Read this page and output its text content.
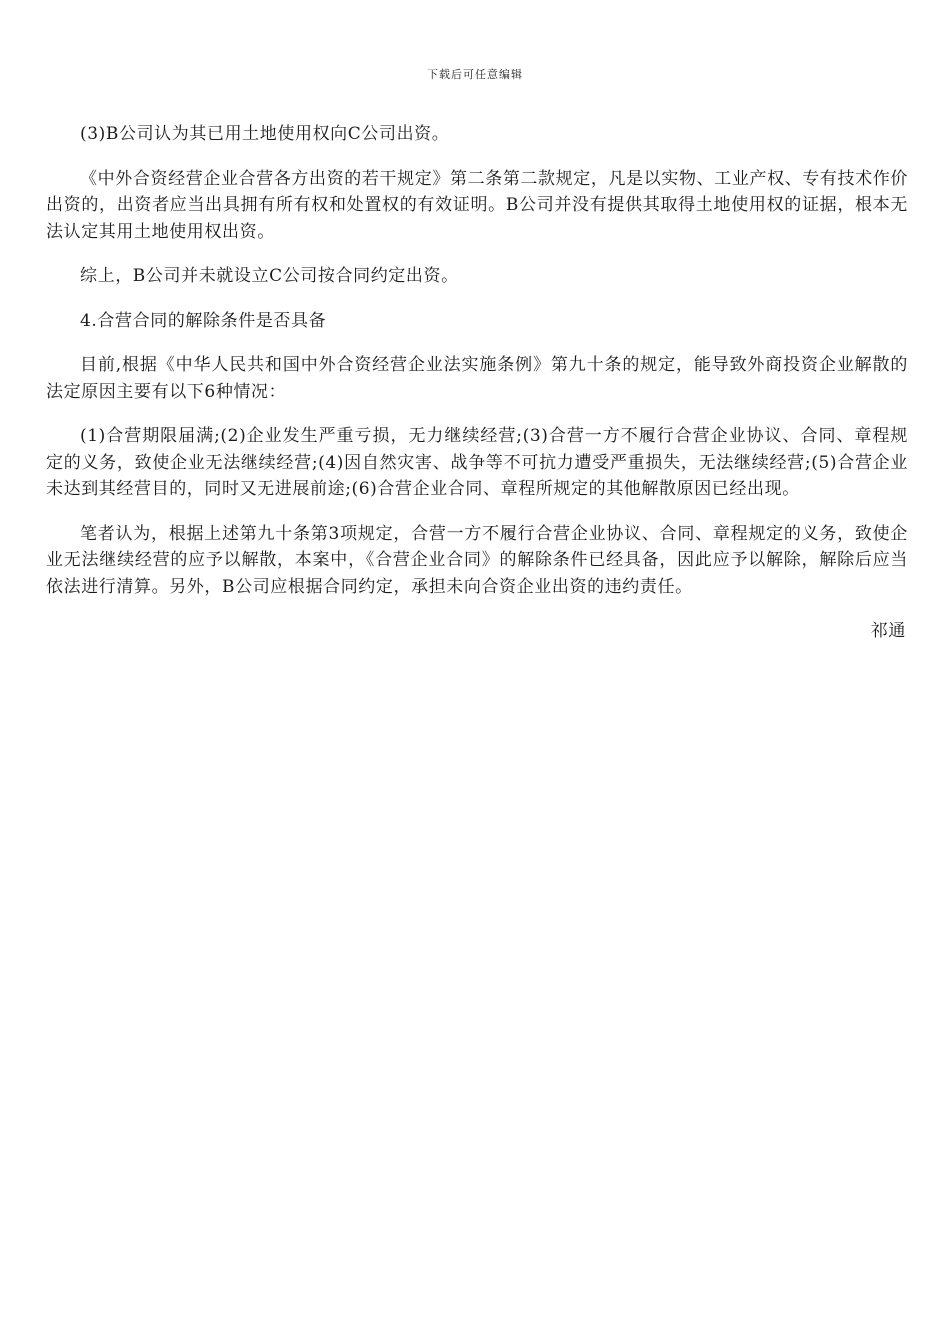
下载后可任意编辑

(3)B公司认为其已用土地使用权向C公司出资。

《中外合资经营企业合营各方出资的若干规定》第二条第二款规定，凡是以实物、工业产权、专有技术作价出资的，出资者应当出具拥有所有权和处置权的有效证明。B公司并没有提供其取得土地使用权的证据，根本无法认定其用土地使用权出资。

综上，B公司并未就设立C公司按合同约定出资。

4.合营合同的解除条件是否具备

目前,根据《中华人民共和国中外合资经营企业法实施条例》第九十条的规定，能导致外商投资企业解散的法定原因主要有以下6种情况：

(1)合营期限届满;(2)企业发生严重亏损，无力继续经营;(3)合营一方不履行合营企业协议、合同、章程规定的义务，致使企业无法继续经营;(4)因自然灾害、战争等不可抗力遭受严重损失，无法继续经营;(5)合营企业未达到其经营目的，同时又无进展前途;(6)合营企业合同、章程所规定的其他解散原因已经出现。

笔者认为，根据上述第九十条第3项规定，合营一方不履行合营企业协议、合同、章程规定的义务，致使企业无法继续经营的应予以解散，本案中，《合营企业合同》的解除条件已经具备，因此应予以解除，解除后应当依法进行清算。另外，B公司应根据合同约定，承担未向合资企业出资的违约责任。

祁通
